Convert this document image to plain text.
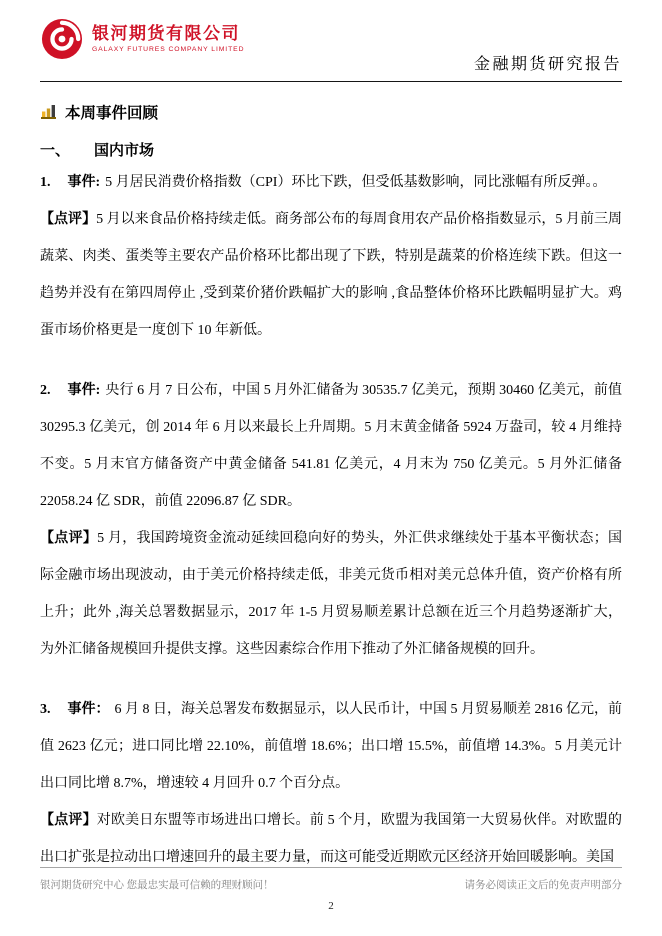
银河期货有限公司
GALAXY FUTURES COMPANY LIMITED
金融期货研究报告
本周事件回顾
一、 国内市场

1. 事件: 5 月居民消费价格指数（CPI）环比下跌，但受低基数影响，同比涨幅有所反弹。。

【点评】5 月以来食品价格持续走低。商务部公布的每周食用农产品价格指数显示，5 月前三周蔬菜、肉类、蛋类等主要农产品价格环比都出现了下跌，特别是蔬菜的价格连续下跌。但这一趋势并没有在第四周停止 ,受到菜价猪价跌幅扩大的影响 ,食品整体价格环比跌幅明显扩大。鸡蛋市场价格更是一度创下 10 年新低。

2. 事件: 央行 6 月 7 日公布，中国 5 月外汇储备为 30535.7 亿美元，预期 30460 亿美元，前值 30295.3 亿美元，创 2014 年 6 月以来最长上升周期。5 月末黄金储备 5924 万盎司，较 4 月维持不变。5 月末官方储备资产中黄金储备 541.81 亿美元，4 月末为 750 亿美元。5 月外汇储备 22058.24 亿 SDR，前值 22096.87 亿 SDR。

【点评】5 月，我国跨境资金流动延续回稳向好的势头，外汇供求继续处于基本平衡状态；国际金融市场出现波动，由于美元价格持续走低，非美元货币相对美元总体升值，资产价格有所上升；此外 ,海关总署数据显示，2017 年 1-5 月贸易顺差累计总额在近三个月趋势逐渐扩大，为外汇储备规模回升提供支撑。这些因素综合作用下推动了外汇储备规模的回升。

3. 事件： 6 月 8 日，海关总署发布数据显示，以人民币计，中国 5 月贸易顺差 2816 亿元，前值 2623 亿元；进口同比增 22.10%，前值增 18.6%；出口增 15.5%，前值增 14.3%。5 月美元计出口同比增 8.7%，增速较 4 月回升 0.7 个百分点。

【点评】对欧美日东盟等市场进出口增长。前 5 个月，欧盟为我国第一大贸易伙伴。对欧盟的出口扩张是拉动出口增速回升的最主要力量，而这可能受近期欧元区经济开始回暖影响。美国

银河期货研究中心 您最忠实最可信赖的理财顾问！	请务必阅读正文后的免责声明部分
2
